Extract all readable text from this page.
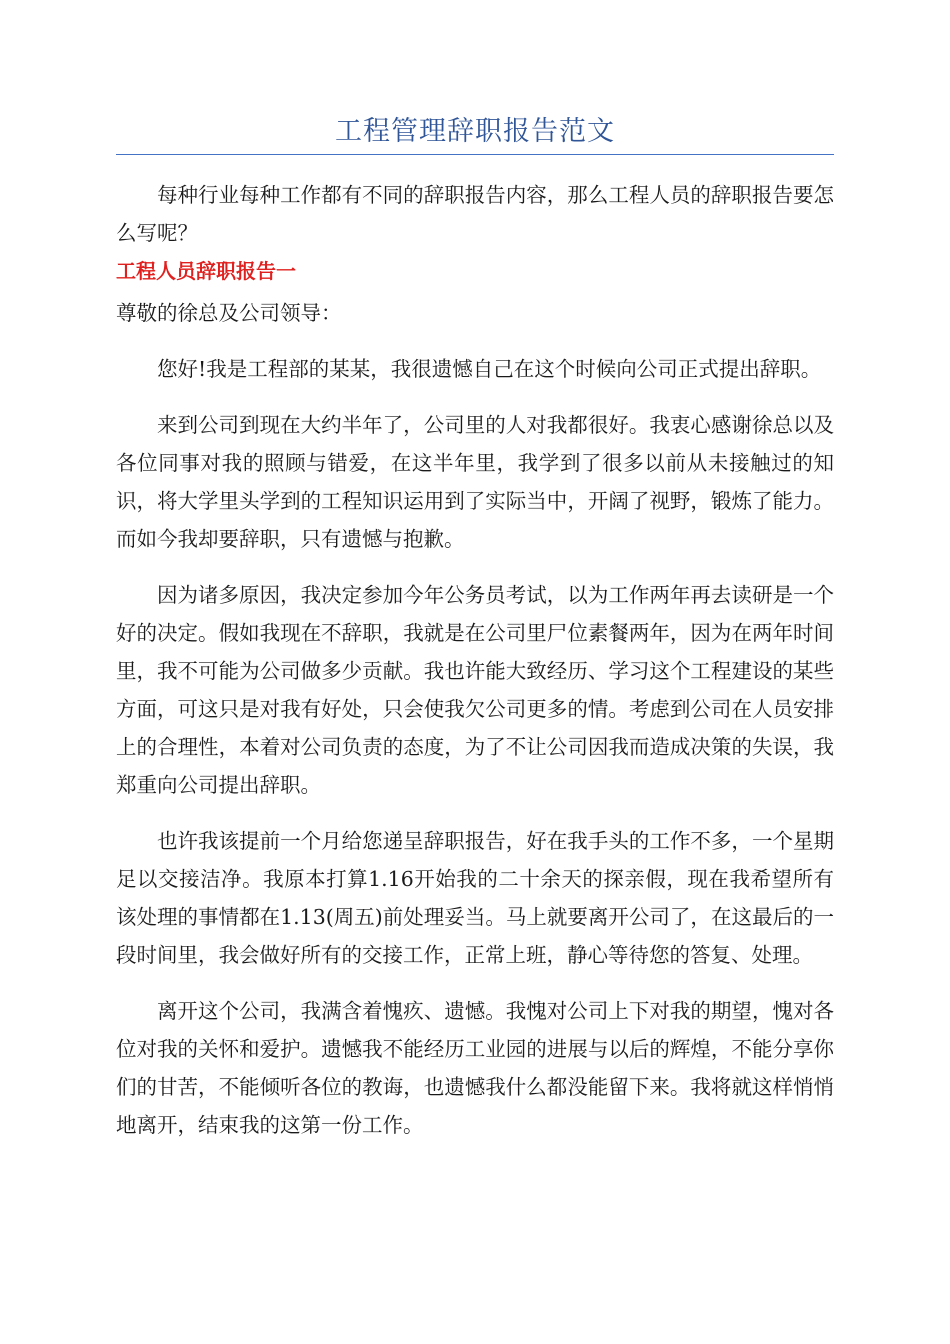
工程管理辞职报告范文

每种行业每种工作都有不同的辞职报告内容，那么工程人员的辞职报告要怎么写呢？

工程人员辞职报告一

尊敬的徐总及公司领导：

您好!我是工程部的某某，我很遗憾自己在这个时候向公司正式提出辞职。

来到公司到现在大约半年了，公司里的人对我都很好。我衷心感谢徐总以及各位同事对我的照顾与错爱，在这半年里，我学到了很多以前从未接触过的知识，将大学里头学到的工程知识运用到了实际当中，开阔了视野，锻炼了能力。而如今我却要辞职，只有遗憾与抱歉。

因为诸多原因，我决定参加今年公务员考试，以为工作两年再去读研是一个好的决定。假如我现在不辞职，我就是在公司里尸位素餐两年，因为在两年时间里，我不可能为公司做多少贡献。我也许能大致经历、学习这个工程建设的某些方面，可这只是对我有好处，只会使我欠公司更多的情。考虑到公司在人员安排上的合理性，本着对公司负责的态度，为了不让公司因我而造成决策的失误，我郑重向公司提出辞职。

也许我该提前一个月给您递呈辞职报告，好在我手头的工作不多，一个星期足以交接洁净。我原本打算1.16开始我的二十余天的探亲假，现在我希望所有该处理的事情都在1.13(周五)前处理妥当。马上就要离开公司了，在这最后的一段时间里，我会做好所有的交接工作，正常上班，静心等待您的答复、处理。

离开这个公司，我满含着愧疚、遗憾。我愧对公司上下对我的期望，愧对各位对我的关怀和爱护。遗憾我不能经历工业园的进展与以后的辉煌，不能分享你们的甘苦，不能倾听各位的教诲，也遗憾我什么都没能留下来。我将就这样悄悄地离开，结束我的这第一份工作。
